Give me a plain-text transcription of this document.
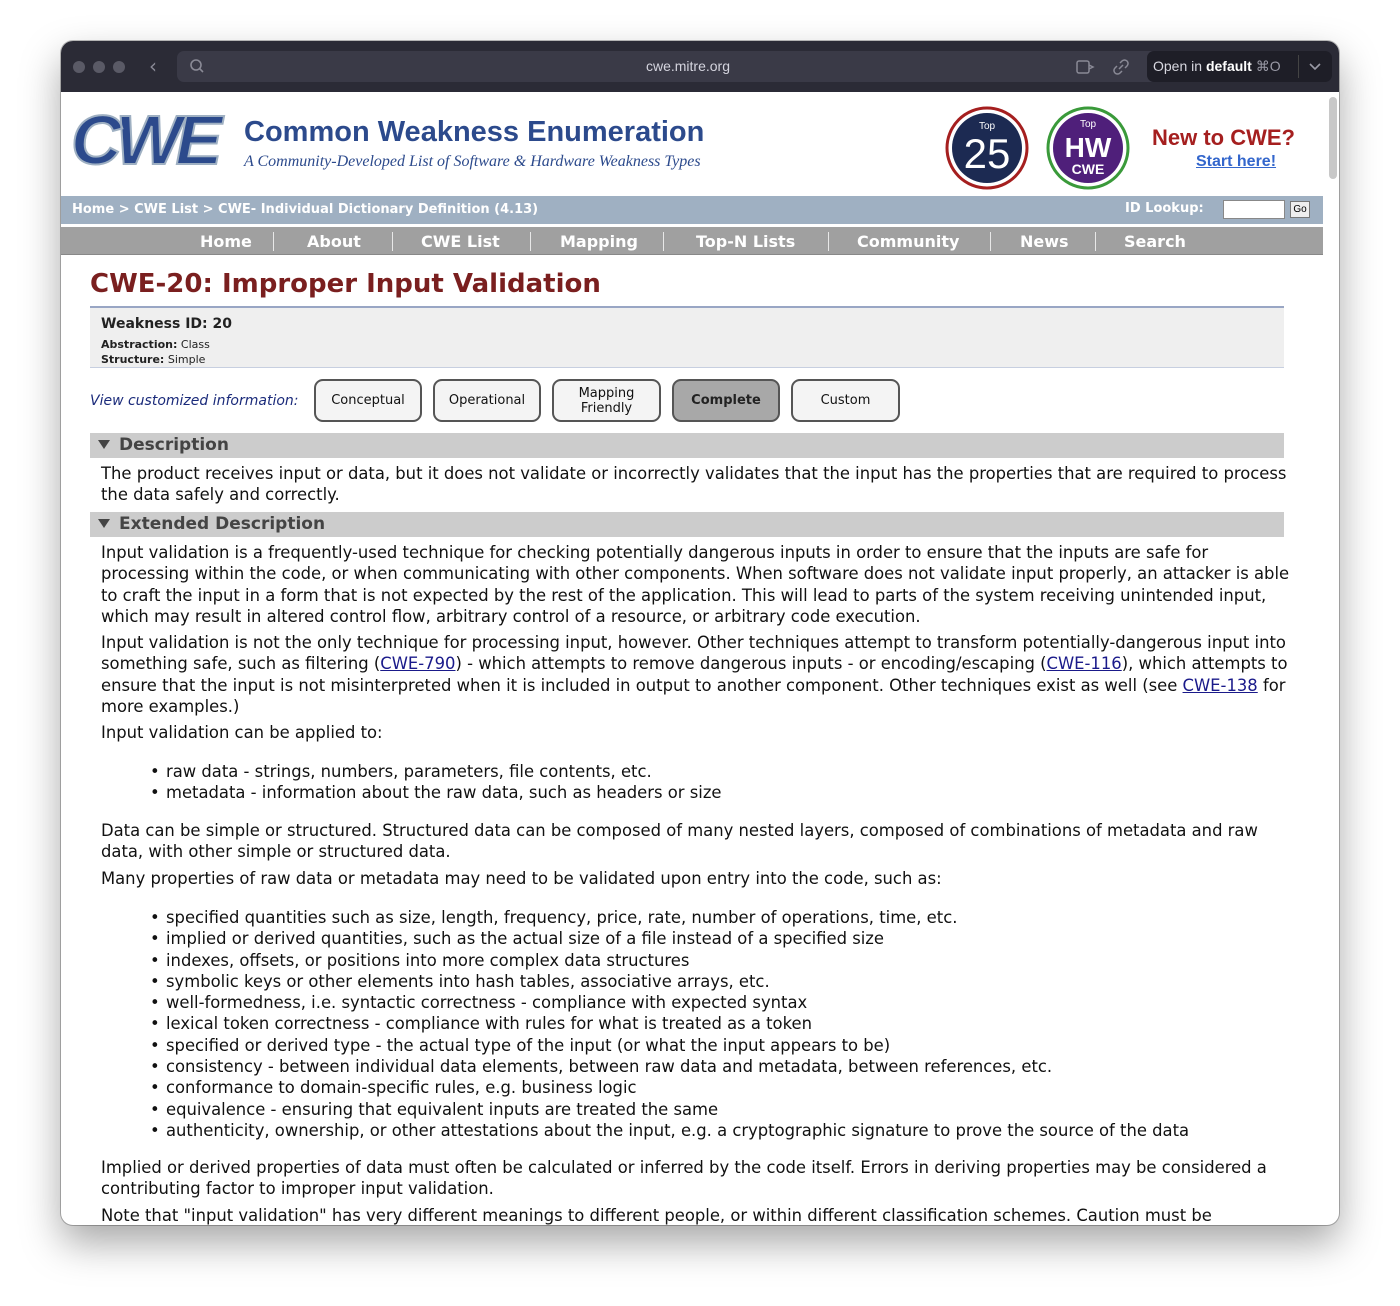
‹	cwe.mitre.org	Open in default ⌘O
CWE Common Weakness Enumeration
A Community-Developed List of Software & Hardware Weakness Types
Top
25
Top
HW
CWE
New to CWE?
Start here!
Home > CWE List > CWE- Individual Dictionary Definition (4.13)	ID Lookup:	Go
Home	About	CWE List	Mapping	Top-N Lists	Community	News	Search
CWE-20: Improper Input Validation
Weakness ID: 20
Abstraction: Class
Structure: Simple
View customized information:	Conceptual	Operational	Mapping Friendly	Complete	Custom
Description
The product receives input or data, but it does not validate or incorrectly validates that the input has the properties that are required to process the data safely and correctly.
Extended Description
Input validation is a frequently-used technique for checking potentially dangerous inputs in order to ensure that the inputs are safe for processing within the code, or when communicating with other components. When software does not validate input properly, an attacker is able to craft the input in a form that is not expected by the rest of the application. This will lead to parts of the system receiving unintended input, which may result in altered control flow, arbitrary control of a resource, or arbitrary code execution.
Input validation is not the only technique for processing input, however. Other techniques attempt to transform potentially-dangerous input into something safe, such as filtering (CWE-790) - which attempts to remove dangerous inputs - or encoding/escaping (CWE-116), which attempts to ensure that the input is not misinterpreted when it is included in output to another component. Other techniques exist as well (see CWE-138 for more examples.)
Input validation can be applied to:
• raw data - strings, numbers, parameters, file contents, etc.
• metadata - information about the raw data, such as headers or size
Data can be simple or structured. Structured data can be composed of many nested layers, composed of combinations of metadata and raw data, with other simple or structured data.
Many properties of raw data or metadata may need to be validated upon entry into the code, such as:
• specified quantities such as size, length, frequency, price, rate, number of operations, time, etc.
• implied or derived quantities, such as the actual size of a file instead of a specified size
• indexes, offsets, or positions into more complex data structures
• symbolic keys or other elements into hash tables, associative arrays, etc.
• well-formedness, i.e. syntactic correctness - compliance with expected syntax
• lexical token correctness - compliance with rules for what is treated as a token
• specified or derived type - the actual type of the input (or what the input appears to be)
• consistency - between individual data elements, between raw data and metadata, between references, etc.
• conformance to domain-specific rules, e.g. business logic
• equivalence - ensuring that equivalent inputs are treated the same
• authenticity, ownership, or other attestations about the input, e.g. a cryptographic signature to prove the source of the data
Implied or derived properties of data must often be calculated or inferred by the code itself. Errors in deriving properties may be considered a contributing factor to improper input validation.
Note that "input validation" has very different meanings to different people, or within different classification schemes. Caution must be
